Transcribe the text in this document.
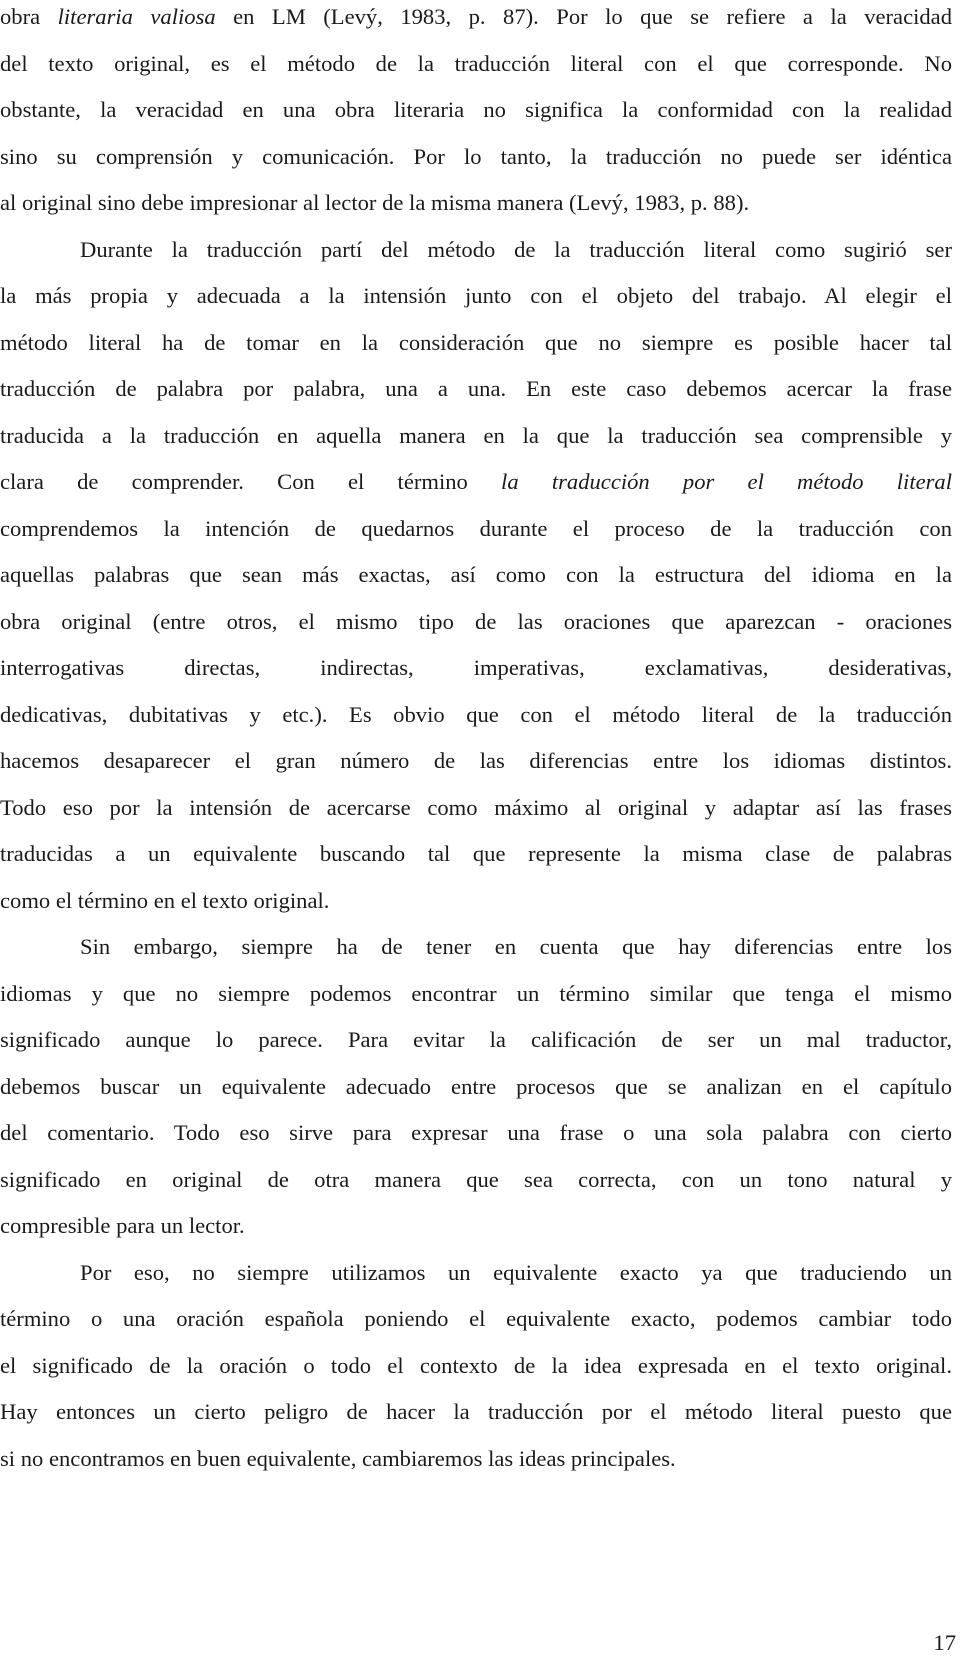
obra literaria valiosa en LM (Levý, 1983, p. 87). Por lo que se refiere a la veracidad
del texto original, es el método de la traducción literal con el que corresponde. No
obstante, la veracidad en una obra literaria no significa la conformidad con la realidad
sino su comprensión y comunicación. Por lo tanto, la traducción no puede ser idéntica
al original sino debe impresionar al lector de la misma manera (Levý, 1983, p. 88).
Durante la traducción partí del método de la traducción literal como sugirió ser
la más propia y adecuada a la intensión junto con el objeto del trabajo. Al elegir el
método literal ha de tomar en la consideración que no siempre es posible hacer tal
traducción de palabra por palabra, una a una. En este caso debemos acercar la frase
traducida a la traducción en aquella manera en la que la traducción sea comprensible y
clara de comprender. Con el término la traducción por el método literal
comprendemos la intención de quedarnos durante el proceso de la traducción con
aquellas palabras que sean más exactas, así como con la estructura del idioma en la
obra original (entre otros, el mismo tipo de las oraciones que aparezcan - oraciones
interrogativas directas, indirectas, imperativas, exclamativas, desiderativas,
dedicativas, dubitativas y etc.). Es obvio que con el método literal de la traducción
hacemos desaparecer el gran número de las diferencias entre los idiomas distintos.
Todo eso por la intensión de acercarse como máximo al original y adaptar así las frases
traducidas a un equivalente buscando tal que represente la misma clase de palabras
como el término en el texto original.
Sin embargo, siempre ha de tener en cuenta que hay diferencias entre los
idiomas y que no siempre podemos encontrar un término similar que tenga el mismo
significado aunque lo parece. Para evitar la calificación de ser un mal traductor,
debemos buscar un equivalente adecuado entre procesos que se analizan en el capítulo
del comentario. Todo eso sirve para expresar una frase o una sola palabra con cierto
significado en original de otra manera que sea correcta, con un tono natural y
compresible para un lector.
Por eso, no siempre utilizamos un equivalente exacto ya que traduciendo un
término o una oración española poniendo el equivalente exacto, podemos cambiar todo
el significado de la oración o todo el contexto de la idea expresada en el texto original.
Hay entonces un cierto peligro de hacer la traducción por el método literal puesto que
si no encontramos en buen equivalente, cambiaremos las ideas principales.
17
